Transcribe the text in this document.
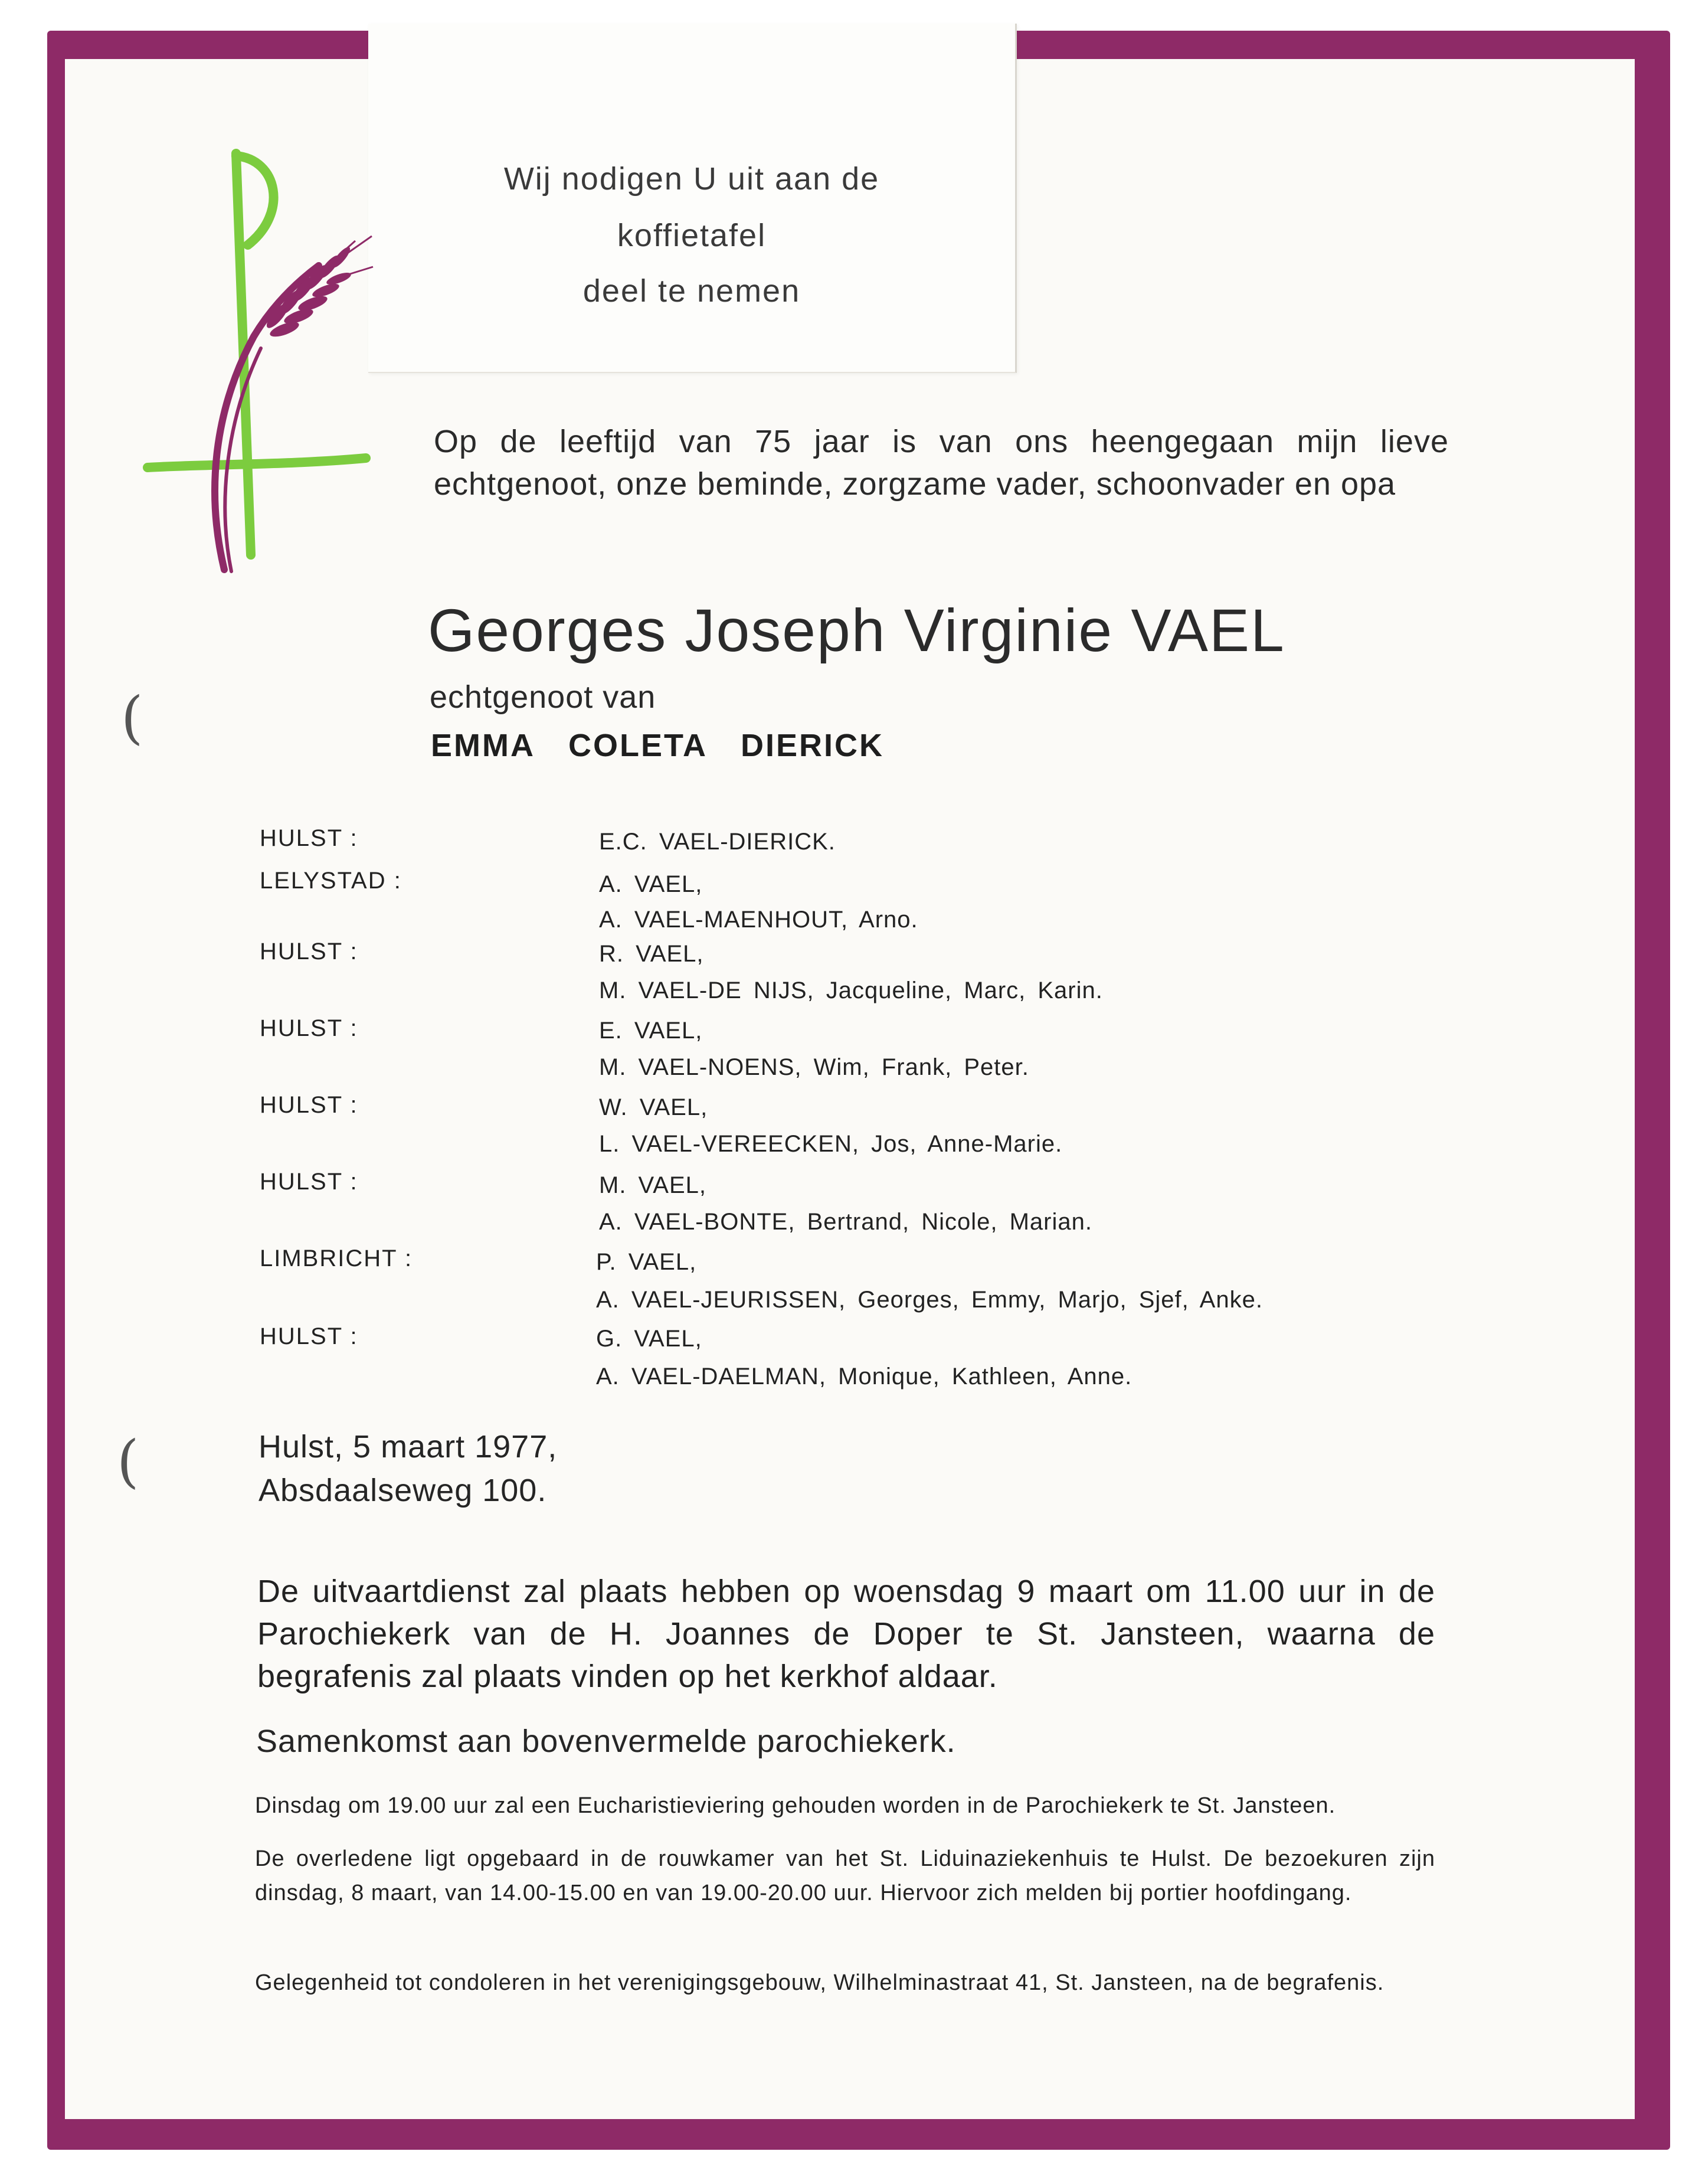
(
(
Wij nodigen U uit aan de
koffietafel
deel te nemen
Op de leeftijd van 75 jaar is van ons heengegaan mijn lieve echtgenoot, onze beminde, zorgzame vader, schoonvader en opa
Georges Joseph Virginie VAEL
echtgenoot van
EMMA COLETA DIERICK
HULST :	E.C. VAEL-DIERICK.
LELYSTAD :	A. VAEL,
A. VAEL-MAENHOUT, Arno.
HULST :	R. VAEL,
M. VAEL-DE NIJS, Jacqueline, Marc, Karin.
HULST :	E. VAEL,
M. VAEL-NOENS, Wim, Frank, Peter.
HULST :	W. VAEL,
L. VAEL-VEREECKEN, Jos, Anne-Marie.
HULST :	M. VAEL,
A. VAEL-BONTE, Bertrand, Nicole, Marian.
LIMBRICHT :	P. VAEL,
A. VAEL-JEURISSEN, Georges, Emmy, Marjo, Sjef, Anke.
HULST :	G. VAEL,
A. VAEL-DAELMAN, Monique, Kathleen, Anne.
Hulst, 5 maart 1977,
Absdaalseweg 100.
De uitvaartdienst zal plaats hebben op woensdag 9 maart om 11.00 uur in de Parochiekerk van de H. Joannes de Doper te St. Jansteen, waarna de begrafenis zal plaats vinden op het kerkhof aldaar.
Samenkomst aan bovenvermelde parochiekerk.
Dinsdag om 19.00 uur zal een Eucharistieviering gehouden worden in de Parochiekerk te St. Jansteen.
De overledene ligt opgebaard in de rouwkamer van het St. Liduinaziekenhuis te Hulst. De bezoekuren zijn dinsdag, 8 maart, van 14.00-15.00 en van 19.00-20.00 uur. Hiervoor zich melden bij portier hoofdingang.
Gelegenheid tot condoleren in het verenigingsgebouw, Wilhelminastraat 41, St. Jansteen, na de begrafenis.
